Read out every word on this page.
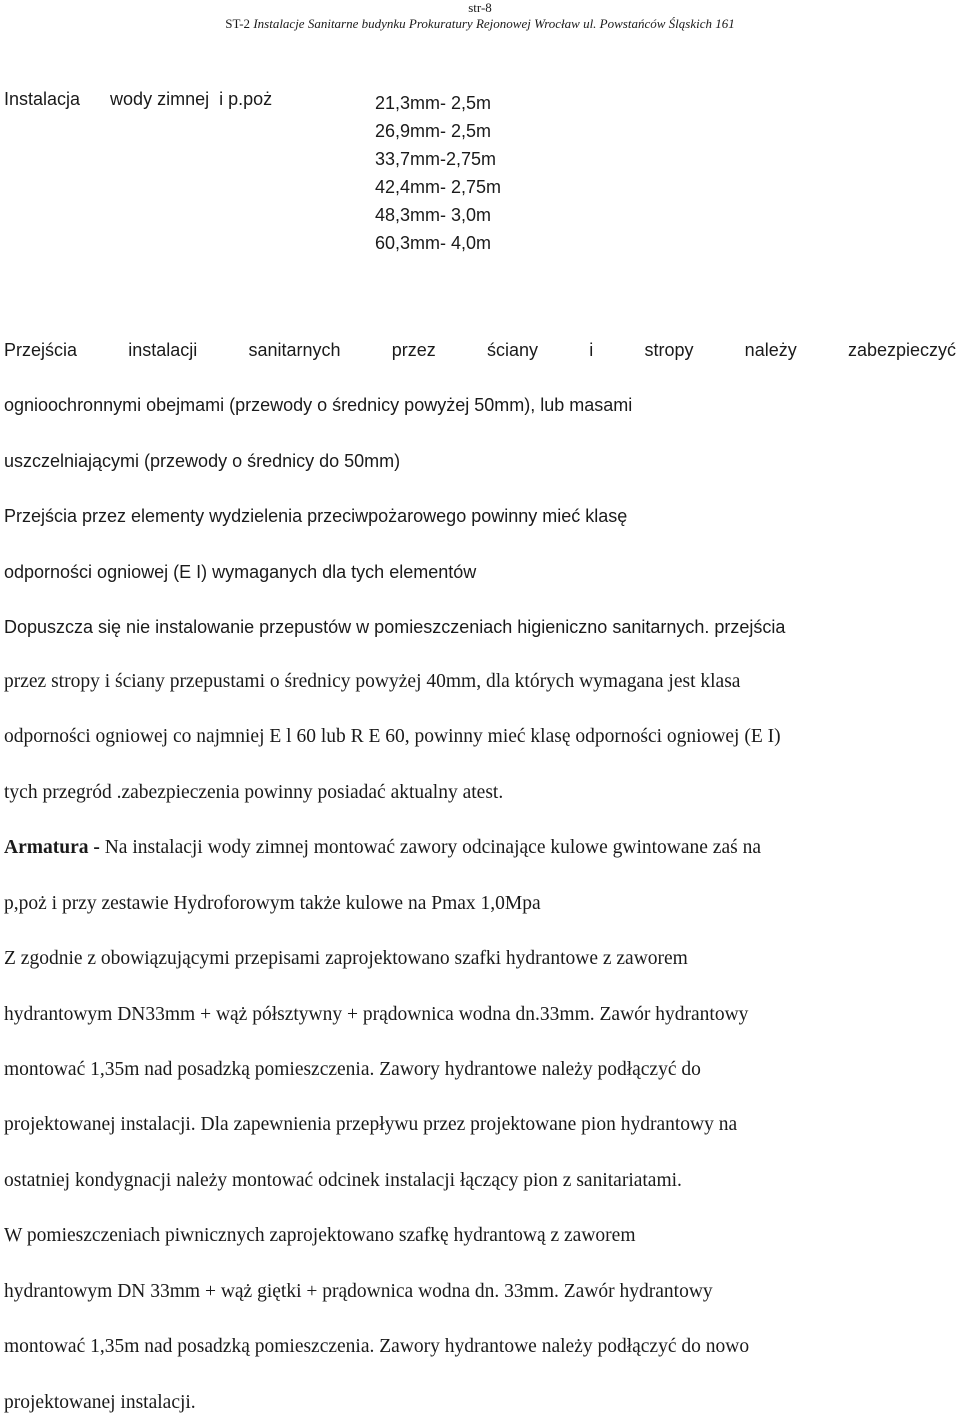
str-8
ST-2 Instalacje Sanitarne budynku Prokuratury Rejonowej Wrocław ul. Powstańców Śląskich 161
Instalacja      wody zimnej  i p.poż	21,3mm- 2,5m
26,9mm- 2,5m
33,7mm-2,75m
42,4mm- 2,75m
48,3mm- 3,0m
60,3mm- 4,0m
Przejścia instalacji sanitarnych przez ściany i stropy należy zabezpieczyć
ognioochronnymi obejmami (przewody o średnicy powyżej 50mm), lub masami
uszczelniającymi (przewody o średnicy do 50mm)
Przejścia przez elementy wydzielenia przeciwpożarowego powinny mieć klasę
odporności ogniowej (E I) wymaganych dla tych elementów
Dopuszcza się nie instalowanie przepustów w pomieszczeniach higieniczno sanitarnych. przejścia
przez stropy i ściany przepustami o średnicy powyżej 40mm, dla których wymagana jest klasa
odporności ogniowej co najmniej E l 60 lub R E 60, powinny mieć klasę odporności ogniowej (E I)
tych przegród .zabezpieczenia powinny posiadać aktualny atest.
Armatura - Na instalacji wody zimnej montować zawory odcinające kulowe gwintowane zaś na
p,poż i przy zestawie Hydroforowym także kulowe na Pmax 1,0Mpa
Z zgodnie z obowiązującymi przepisami zaprojektowano szafki hydrantowe z zaworem
hydrantowym DN33mm + wąż półsztywny + prądownica wodna dn.33mm. Zawór hydrantowy
montować 1,35m nad posadzką pomieszczenia. Zawory hydrantowe należy podłączyć do
projektowanej instalacji. Dla zapewnienia przepływu przez projektowane pion hydrantowy na
ostatniej kondygnacji należy montować odcinek instalacji łączący pion z sanitariatami.
W pomieszczeniach piwnicznych zaprojektowano szafkę hydrantową z zaworem
hydrantowym DN 33mm + wąż giętki + prądownica wodna dn. 33mm. Zawór hydrantowy
montować 1,35m nad posadzką pomieszczenia. Zawory hydrantowe należy podłączyć do nowo
projektowanej instalacji.
